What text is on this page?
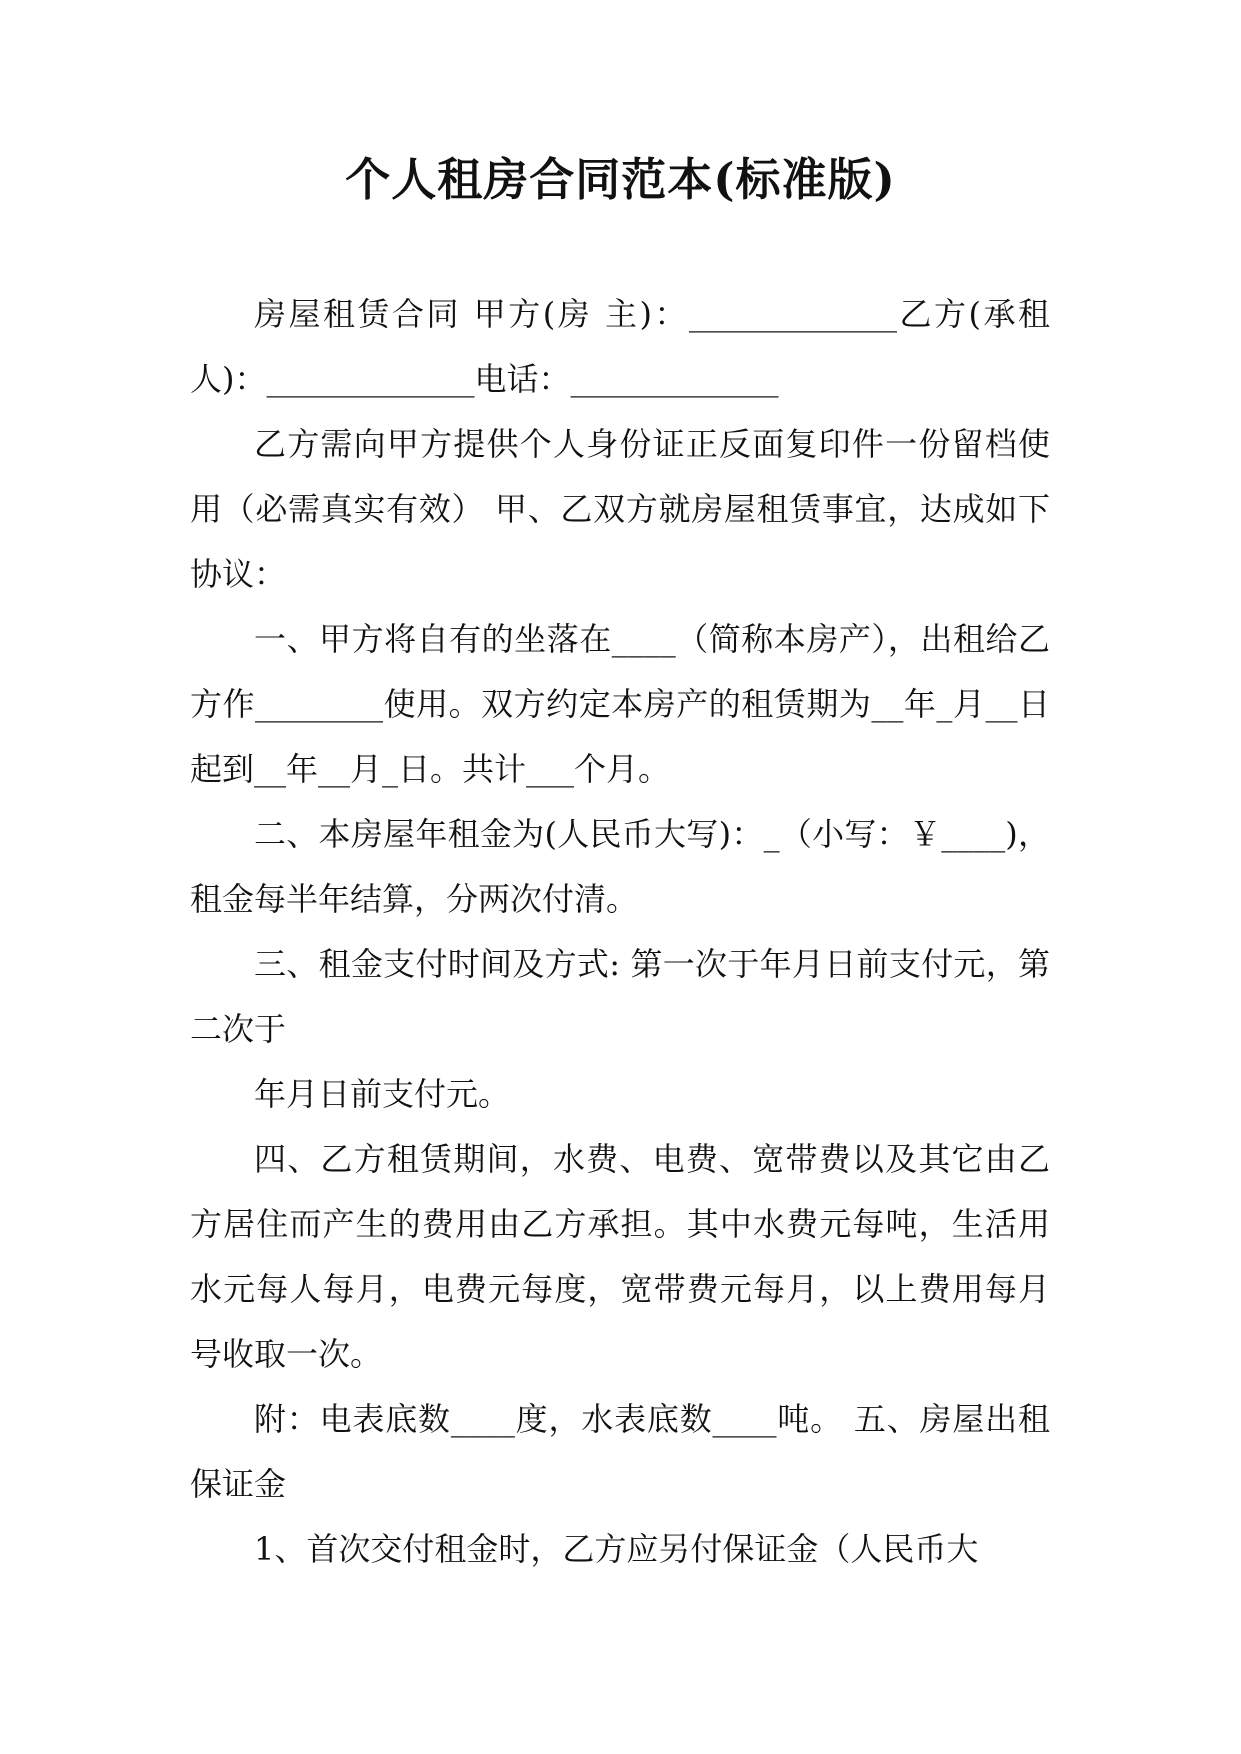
个人租房合同范本(标准版)

房屋租赁合同 甲方(房 主)：_____________乙方(承租人)：_____________电话：_____________

乙方需向甲方提供个人身份证正反面复印件一份留档使用（必需真实有效） 甲、乙双方就房屋租赁事宜，达成如下协议：

一、甲方将自有的坐落在____（简称本房产），出租给乙方作________使用。双方约定本房产的租赁期为__年_月__日起到__年__月_日。共计___个月。

二、本房屋年租金为(人民币大写)：_（小写：￥____)，租金每半年结算，分两次付清。

三、租金支付时间及方式: 第一次于年月日前支付元，第二次于

年月日前支付元。

四、乙方租赁期间，水费、电费、宽带费以及其它由乙方居住而产生的费用由乙方承担。其中水费元每吨，生活用水元每人每月，电费元每度，宽带费元每月，以上费用每月号收取一次。

附：电表底数____度，水表底数____吨。 五、房屋出租保证金

1、首次交付租金时，乙方应另付保证金（人民币大
